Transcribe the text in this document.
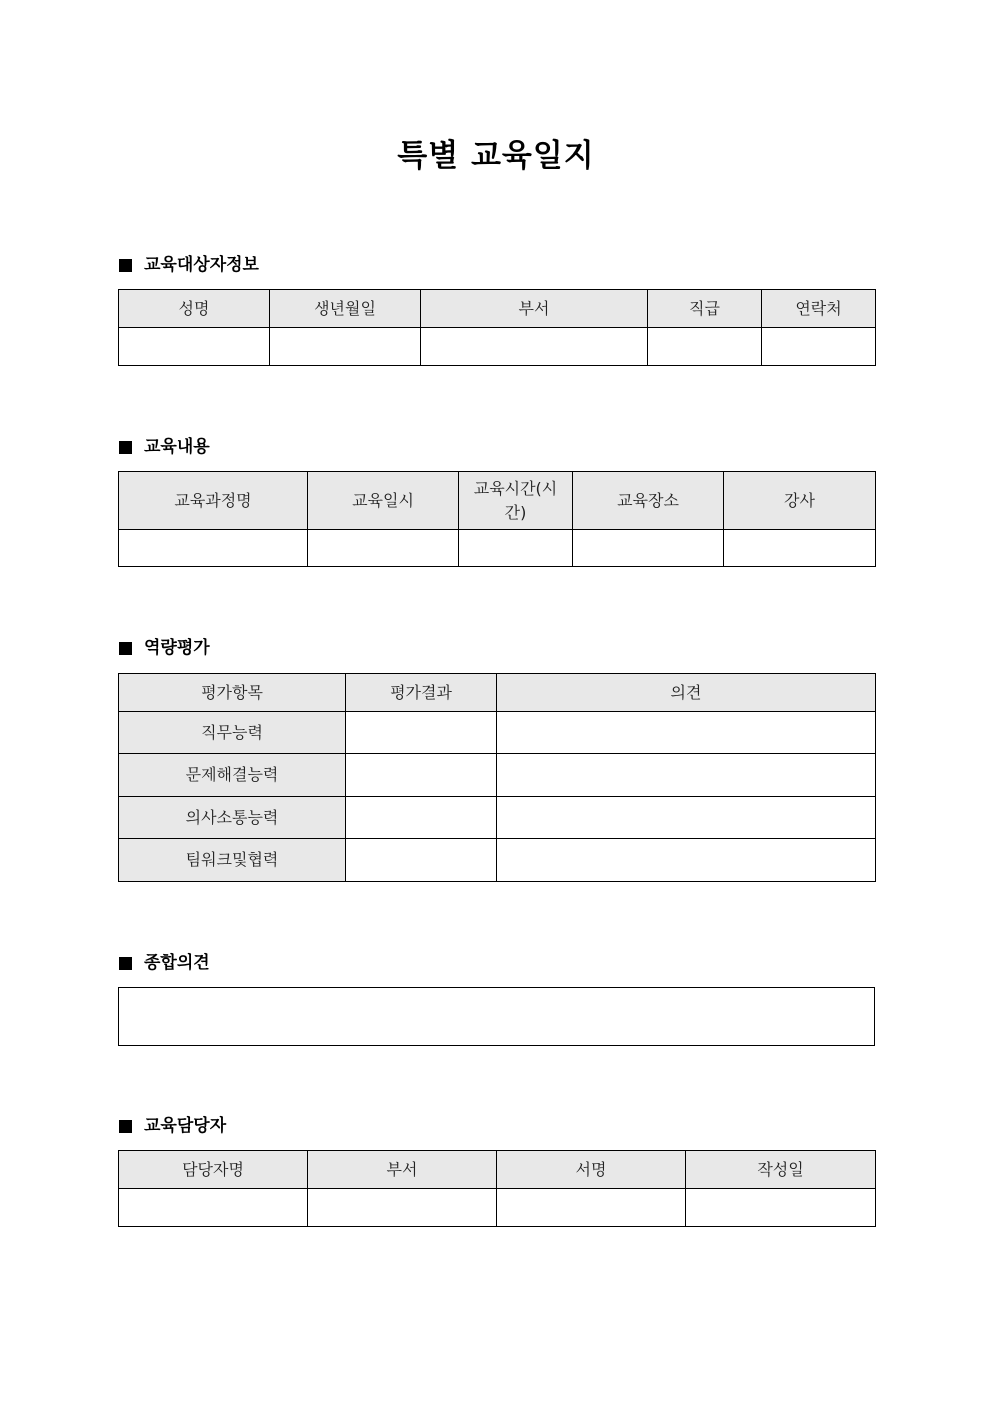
특별 교육일지
교육대상자정보
성명	생년월일	부서	직급	연락처

교육내용
교육과정명	교육일시	교육시간(시간)	교육장소	강사

역량평가
평가항목	평가결과	의견
직무능력		
문제해결능력		
의사소통능력		
팀워크및협력		
종합의견
교육담당자
담당자명	부서	서명	작성일
